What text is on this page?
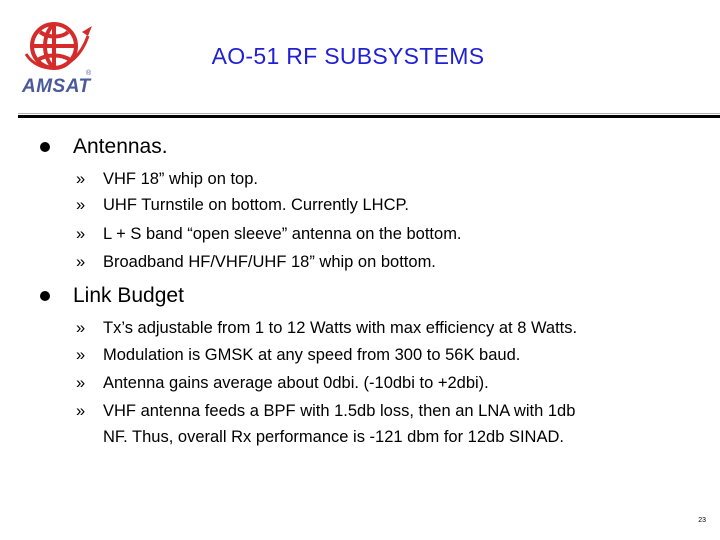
AMSAT
®
AO-51 RF SUBSYSTEMS
Antennas.
» VHF 18” whip on top.
» UHF Turnstile on bottom. Currently LHCP.
» L + S band “open sleeve” antenna on the bottom.
» Broadband HF/VHF/UHF 18” whip on bottom.
Link Budget
» Tx’s adjustable from 1 to 12 Watts with max efficiency at 8 Watts.
» Modulation is GMSK at any speed from 300 to 56K baud.
» Antenna gains average about 0dbi. (-10dbi to +2dbi).
» VHF antenna feeds a BPF with 1.5db loss, then an LNA with 1db
NF. Thus, overall Rx performance is -121 dbm for 12db SINAD.
23
